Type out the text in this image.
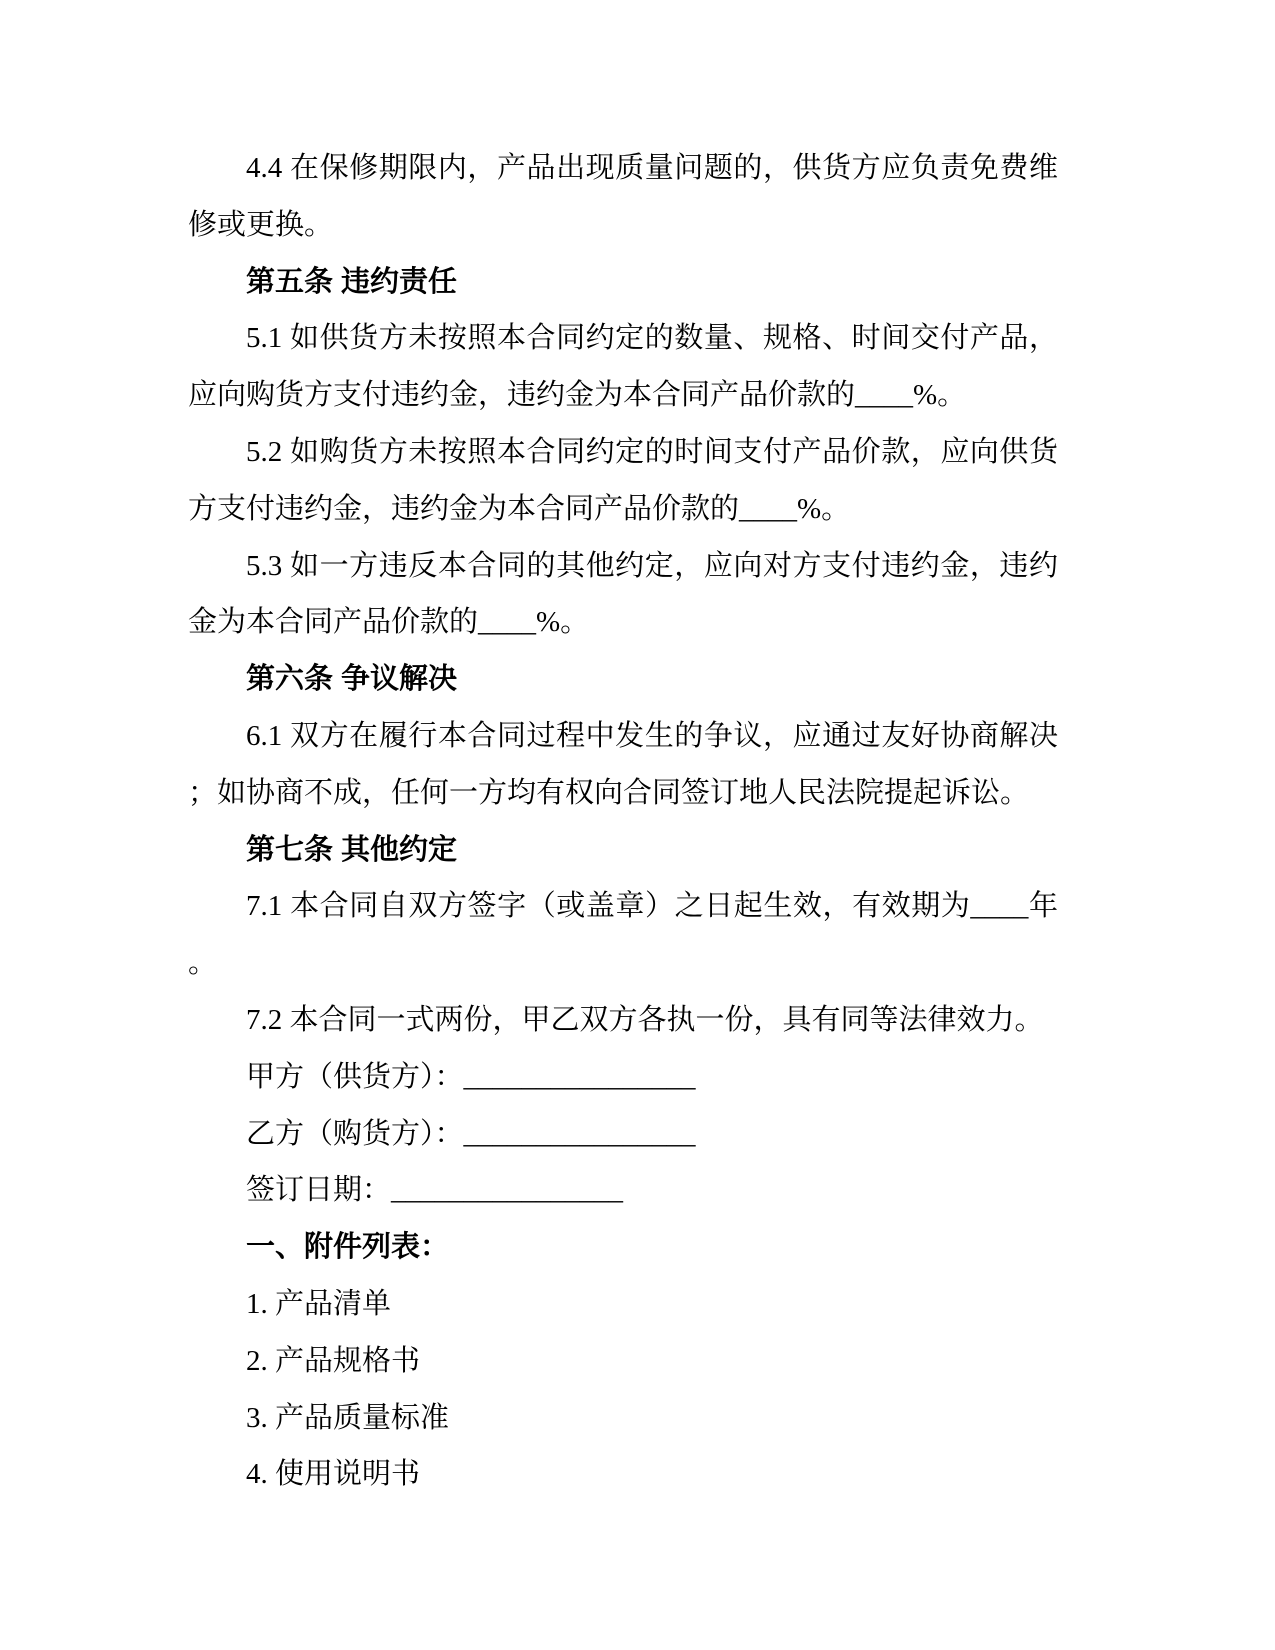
4.4 在保修期限内，产品出现质量问题的，供货方应负责免费维
修或更换。
第五条 违约责任
5.1 如供货方未按照本合同约定的数量、规格、时间交付产品，
应向购货方支付违约金，违约金为本合同产品价款的____%。
5.2 如购货方未按照本合同约定的时间支付产品价款，应向供货
方支付违约金，违约金为本合同产品价款的____%。
5.3 如一方违反本合同的其他约定，应向对方支付违约金，违约
金为本合同产品价款的____%。
第六条 争议解决
6.1 双方在履行本合同过程中发生的争议，应通过友好协商解决
；如协商不成，任何一方均有权向合同签订地人民法院提起诉讼。
第七条 其他约定
7.1 本合同自双方签字（或盖章）之日起生效，有效期为____年
。
7.2 本合同一式两份，甲乙双方各执一份，具有同等法律效力。
甲方（供货方）：________________
乙方（购货方）：________________
签订日期：________________
一、附件列表：
1. 产品清单
2. 产品规格书
3. 产品质量标准
4. 使用说明书
